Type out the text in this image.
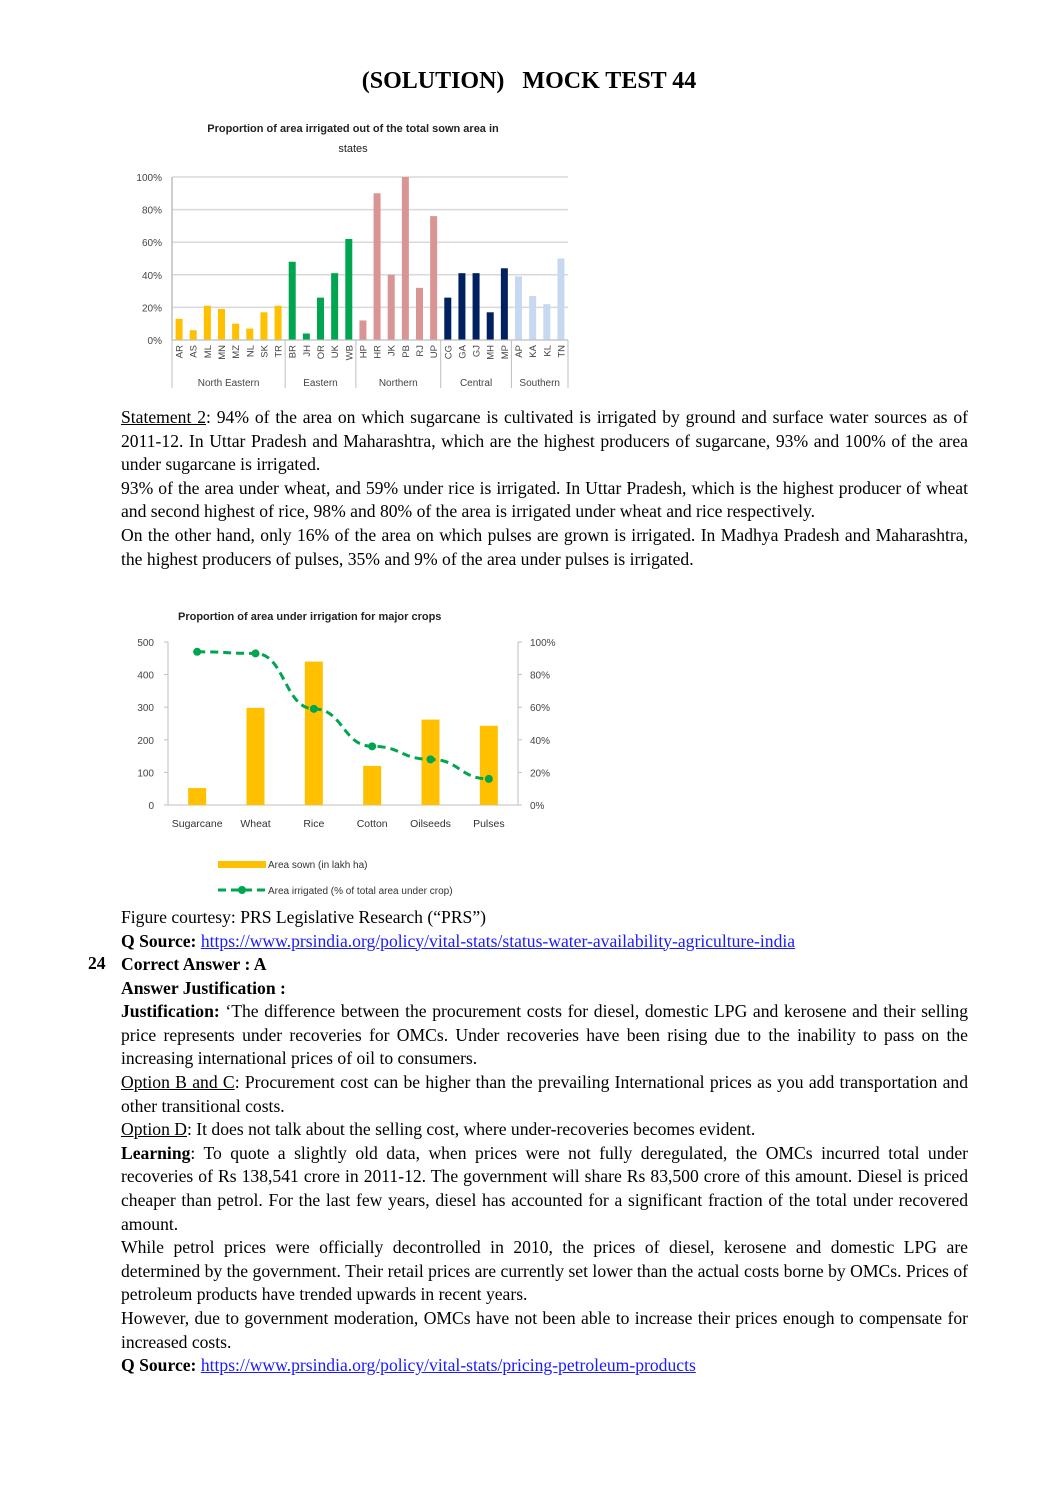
(SOLUTION) MOCK TEST 44
Proportion of area irrigated out of the total sown area in
states
0%
20%
40%
60%
80%
100%
AR AS ML MN MZ NL SK TR BR JH OR UK WB HP HR JK PB RJ UP CG GA GJ MH MP AP KA KL TN
North Eastern	Eastern	Northern	Central	Southern

Statement 2: 94% of the area on which sugarcane is cultivated is irrigated by ground and surface water sources as of 2011-12. In Uttar Pradesh and Maharashtra, which are the highest producers of sugarcane, 93% and 100% of the area under sugarcane is irrigated.

93% of the area under wheat, and 59% under rice is irrigated. In Uttar Pradesh, which is the highest producer of wheat and second highest of rice, 98% and 80% of the area is irrigated under wheat and rice respectively.

On the other hand, only 16% of the area on which pulses are grown is irrigated. In Madhya Pradesh and Maharashtra, the highest producers of pulses, 35% and 9% of the area under pulses is irrigated.

Proportion of area under irrigation for major crops
0
100
200
300
400
500
0%
20%
40%
60%
80%
100%
Sugarcane Wheat	Rice	Cotton Oilseeds Pulses
Area sown (in lakh ha)
Area irrigated (% of total area under crop)

Figure courtesy: PRS Legislative Research (“PRS”)

Q Source: https://www.prsindia.org/policy/vital-stats/status-water-availability-agriculture-india

24 Correct Answer : A

Answer Justification :

Justification: ‘The difference between the procurement costs for diesel, domestic LPG and kerosene and their selling price represents under recoveries for OMCs. Under recoveries have been rising due to the inability to pass on the increasing international prices of oil to consumers.

Option B and C: Procurement cost can be higher than the prevailing International prices as you add transportation and other transitional costs.

Option D: It does not talk about the selling cost, where under-recoveries becomes evident.

Learning: To quote a slightly old data, when prices were not fully deregulated, the OMCs incurred total under recoveries of Rs 138,541 crore in 2011-12. The government will share Rs 83,500 crore of this amount. Diesel is priced cheaper than petrol. For the last few years, diesel has accounted for a significant fraction of the total under recovered amount.

While petrol prices were officially decontrolled in 2010, the prices of diesel, kerosene and domestic LPG are determined by the government. Their retail prices are currently set lower than the actual costs borne by OMCs. Prices of petroleum products have trended upwards in recent years.

However, due to government moderation, OMCs have not been able to increase their prices enough to compensate for increased costs.

Q Source: https://www.prsindia.org/policy/vital-stats/pricing-petroleum-products
